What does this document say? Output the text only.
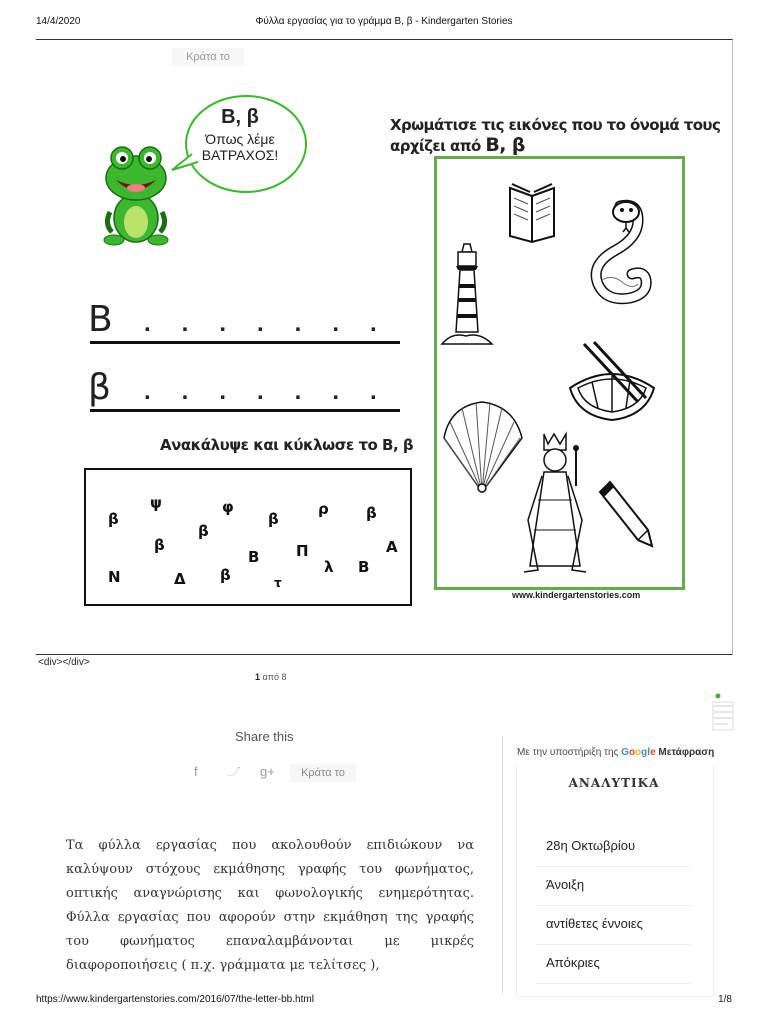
14/4/2020	Φύλλα εργασίας για το γράμμα Β, β - Kindergarten Stories
Κράτα το
Β, β
Όπως λέμε
ΒΑΤΡΑΧΟΣ!
Β .......
β .......
Ανακάλυψε και κύκλωσε το Β, β
β
ψ	φ
β
ρ β
β
β
Α
Ν	Δ β
Β Π
λ Β
τ
Χρωμάτισε τις εικόνες που το όνομά τους αρχίζει από Β, β
www.kindergartenstories.com
<div></div>
1 από 8
Share this
f	g+	Κράτα το
Με την υποστήριξη της Google Μετάφραση
ΑΝΑΛΥΤΙΚΑ
28η Οκτωβρίου
Άνοιξη
αντίθετες έννοιες
Απόκριες
Τα φύλλα εργασίας που ακολουθούν επιδιώκουν να καλύψουν στόχους εκμάθησης γραφής του φωνήματος, οπτικής αναγνώρισης και φωνολογικής ενημερότητας. Φύλλα εργασίας που αφορούν στην εκμάθηση της γραφής του φωνήματος επαναλαμβάνονται με μικρές διαφοροποιήσεις ( π.χ. γράμματα με τελίτσες ),
https://www.kindergartenstories.com/2016/07/the-letter-bb.html	1/8
